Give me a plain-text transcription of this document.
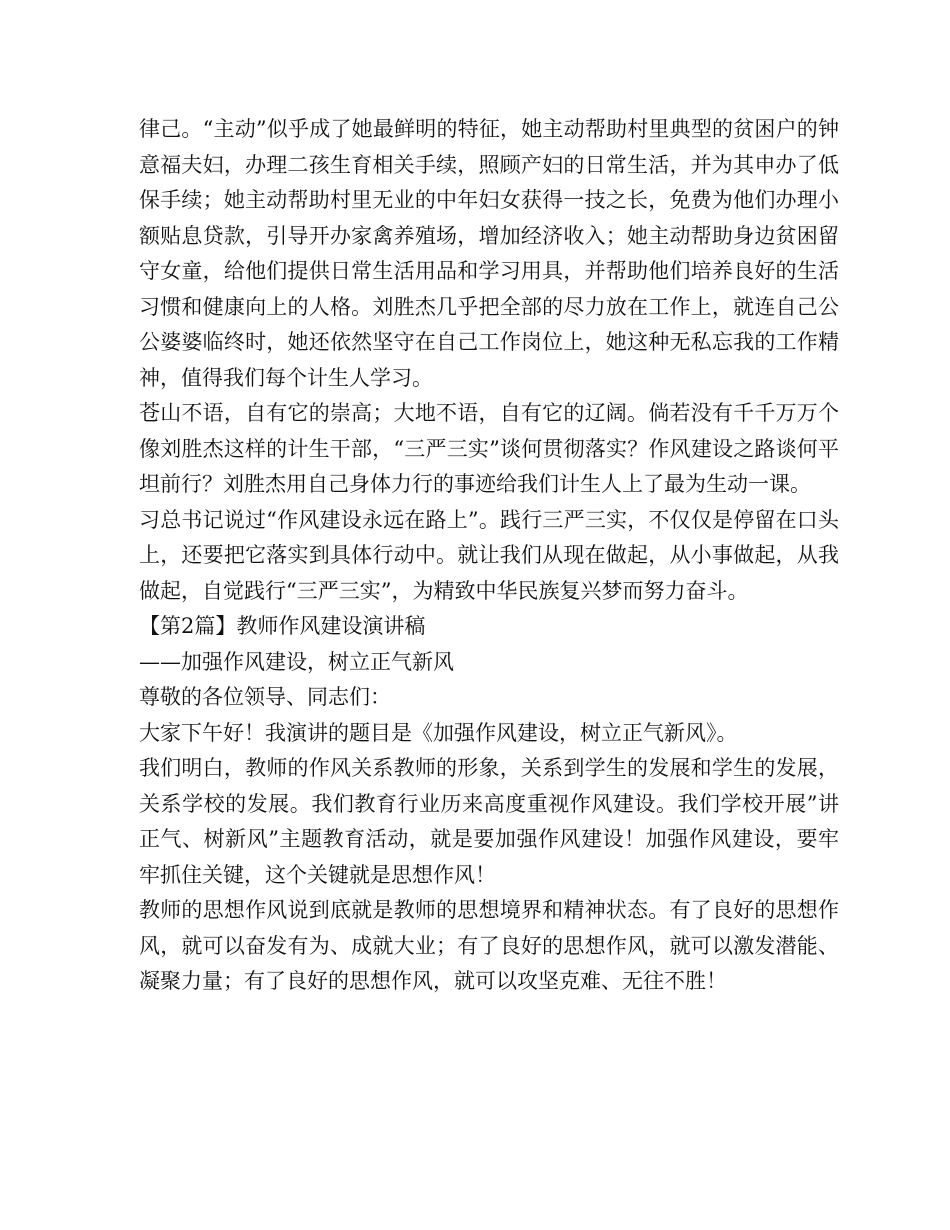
律己。“主动”似乎成了她最鲜明的特征，她主动帮助村里典型的贫困户的钟意福夫妇，办理二孩生育相关手续，照顾产妇的日常生活，并为其申办了低保手续；她主动帮助村里无业的中年妇女获得一技之长，免费为他们办理小额贴息贷款，引导开办家禽养殖场，增加经济收入；她主动帮助身边贫困留守女童，给他们提供日常生活用品和学习用具，并帮助他们培养良好的生活习惯和健康向上的人格。刘胜杰几乎把全部的尽力放在工作上，就连自己公公婆婆临终时，她还依然坚守在自己工作岗位上，她这种无私忘我的工作精神，值得我们每个计生人学习。

苍山不语，自有它的崇高；大地不语，自有它的辽阔。倘若没有千千万万个像刘胜杰这样的计生干部，“三严三实”谈何贯彻落实？作风建设之路谈何平坦前行？刘胜杰用自己身体力行的事迹给我们计生人上了最为生动一课。

习总书记说过“作风建设永远在路上”。践行三严三实，不仅仅是停留在口头上，还要把它落实到具体行动中。就让我们从现在做起，从小事做起，从我做起，自觉践行“三严三实”，为精致中华民族复兴梦而努力奋斗。

【第2篇】教师作风建设演讲稿

——加强作风建设，树立正气新风

尊敬的各位领导、同志们：

大家下午好！我演讲的题目是《加强作风建设，树立正气新风》。

我们明白，教师的作风关系教师的形象，关系到学生的发展和学生的发展，关系学校的发展。我们教育行业历来高度重视作风建设。我们学校开展”讲正气、树新风”主题教育活动，就是要加强作风建设！加强作风建设，要牢牢抓住关键，这个关键就是思想作风！

教师的思想作风说到底就是教师的思想境界和精神状态。有了良好的思想作风，就可以奋发有为、成就大业；有了良好的思想作风，就可以激发潜能、凝聚力量；有了良好的思想作风，就可以攻坚克难、无往不胜！
